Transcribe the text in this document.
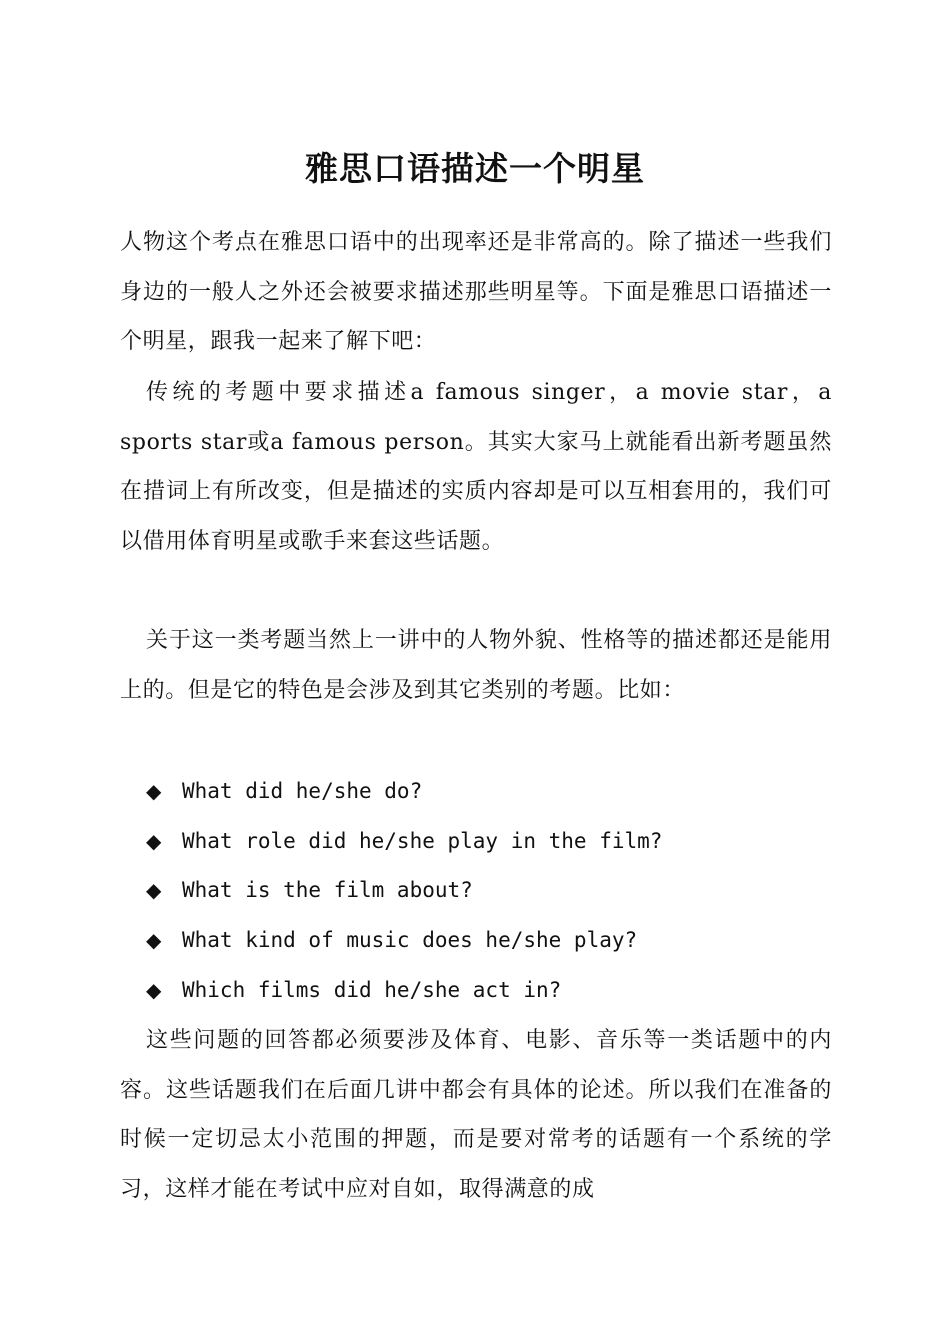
雅思口语描述一个明星

人物这个考点在雅思口语中的出现率还是非常高的。除了描述一些我们身边的一般人之外还会被要求描述那些明星等。下面是雅思口语描述一个明星，跟我一起来了解下吧：

传统的考题中要求描述a famous singer，a movie star，a sports star或a famous person。其实大家马上就能看出新考题虽然在措词上有所改变，但是描述的实质内容却是可以互相套用的，我们可以借用体育明星或歌手来套这些话题。

关于这一类考题当然上一讲中的人物外貌、性格等的描述都还是能用上的。但是它的特色是会涉及到其它类别的考题。比如：

◆ What did he/she do?
◆ What role did he/she play in the film?
◆ What is the film about?
◆ What kind of music does he/she play?
◆ Which films did he/she act in?

这些问题的回答都必须要涉及体育、电影、音乐等一类话题中的内容。这些话题我们在后面几讲中都会有具体的论述。所以我们在准备的时候一定切忌太小范围的押题，而是要对常考的话题有一个系统的学习，这样才能在考试中应对自如，取得满意的成
